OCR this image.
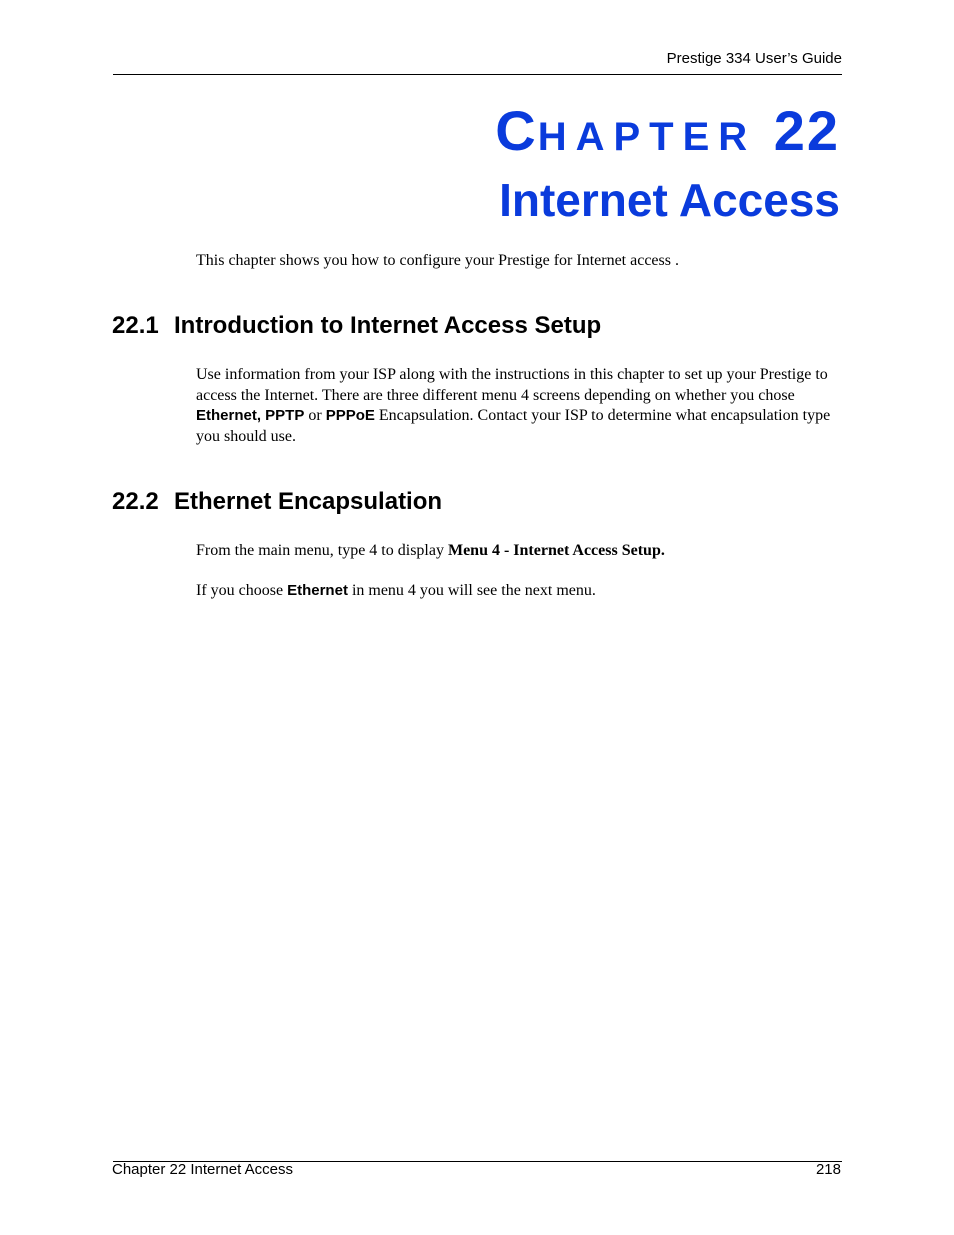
Prestige 334 User’s Guide
CHAPTER 22
Internet Access
This chapter shows you how to configure your Prestige for Internet access .
22.1 Introduction to Internet Access Setup
Use information from your ISP along with the instructions in this chapter to set up your Prestige to access the Internet. There are three different menu 4 screens depending on whether you chose Ethernet, PPTP or PPPoE Encapsulation. Contact your ISP to determine what encapsulation type you should use.
22.2 Ethernet Encapsulation
From the main menu, type 4 to display Menu 4 - Internet Access Setup.
If you choose Ethernet in menu 4 you will see the next menu.
Chapter 22 Internet Access	218
